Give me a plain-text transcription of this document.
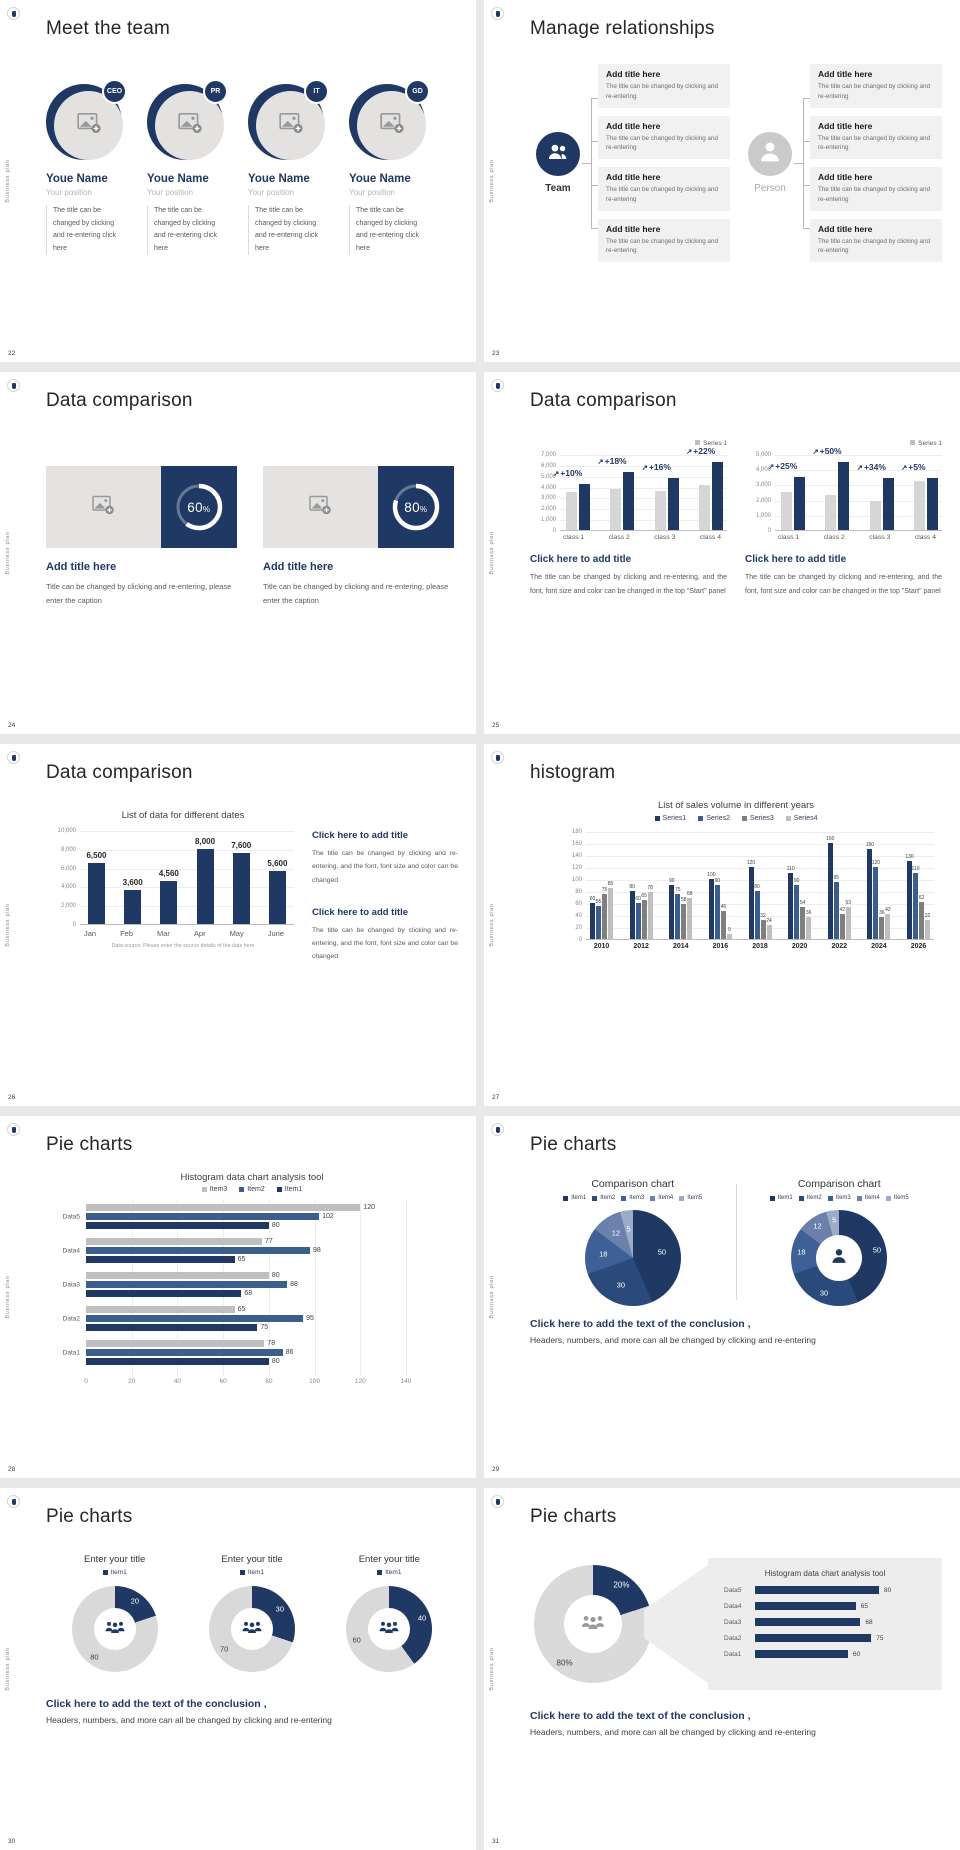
Business plan
22
Meet the team
CEO
Youe Name
Your position
The title can be changed by clicking and re-entering click here
PR
Youe Name
Your position
The title can be changed by clicking and re-entering click here
IT
Youe Name
Your position
The title can be changed by clicking and re-entering click here
GD
Youe Name
Your position
The title can be changed by clicking and re-entering click here
Business plan
23
Manage relationships
Team
Add title here
The title can be changed by clicking and re-entering
Add title here
The title can be changed by clicking and re-entering
Add title here
The title can be changed by clicking and re-entering
Add title here
The title can be changed by clicking and re-entering
Person
Add title here
The title can be changed by clicking and re-entering
Add title here
The title can be changed by clicking and re-entering
Add title here
The title can be changed by clicking and re-entering
Add title here
The title can be changed by clicking and re-entering
Business plan
24
Data comparison
60%
Add title here
Title can be changed by clicking and re-entering, please enter the caption
80%
Add title here
Title can be changed by clicking and re-entering, please enter the caption
Business plan
25
Data comparison
Series 1
7,000
6,000
5,000
4,000
3,000
2,000
1,000
0
↗+10%
↗+18%
↗+16%
↗+22%
class 1	class 2	class 3	class 4
Click here to add title
The title can be changed by clicking and re-entering, and the font, font size and color can be changed in the top "Start" panel
Series 1
5,000
4,000
3,000
2,000
1,000
0
↗+25%
↗+50%
↗+34% ↗+5%
class 1	class 2	class 3	class 4
Click here to add title
The title can be changed by clicking and re-entering, and the font, font size and color can be changed in the top "Start" panel
Business plan
26
Data comparison
List of data for different dates
10,000
8,000
6,000
4,000
2,000
0
6,500
3,600
4,560
8,000 7,600
5,600
Jan	Feb	Mar	Apr	May	June
Data source: Please enter the source details of the data here
Click here to add title
The title can be changed by clicking and re-entering, and the font, font size and color can be changed
Click here to add title
The title can be changed by clicking and re-entering, and the font, font size and color can be changed
Business plan
27
histogram
List of sales volume in different years
Series1	Series2	Series3	Series4
180
160
140
120
100
80
60
40
20
0
60 55
75
85
2010
80
60 65
78
2012
90
75
58
68
2014
100
90
46
9
2016
120
80
32
24
2018
110
90
54
36
2020
160
95
42
53
2022
150
120
36 42
2024
130
110
62
32
2026
Business plan
28
Pie charts
Histogram data chart analysis tool
Item3	Item2	Item1
Data5
120
102
80
Data4
77
98
65
Data3
80
88
68
Data2
65
95
75
Data1
78
86
80
0	20	40	60	80	100	120	140
Business plan
29
Pie charts
Comparison chart
Item1 Item2 Item3 Item4 Item5
50
30
18
12
5
Comparison chart
Item1 Item2 Item3 Item4 Item5
50
30
18
12
5
Click here to add the text of the conclusion ,
Headers, numbers, and more can all be changed by clicking and re-entering
Business plan
30
Pie charts
Enter your title
Item1
20
80
Enter your title
Item1
30
70
Enter your title
Item1
40
60
Click here to add the text of the conclusion ,
Headers, numbers, and more can all be changed by clicking and re-entering
Business plan
31
Pie charts
20%
80%
Histogram data chart analysis tool
Data5	80
Data4	65
Data3	68
Data2	75
Data1	60
Click here to add the text of the conclusion ,
Headers, numbers, and more can all be changed by clicking and re-entering
